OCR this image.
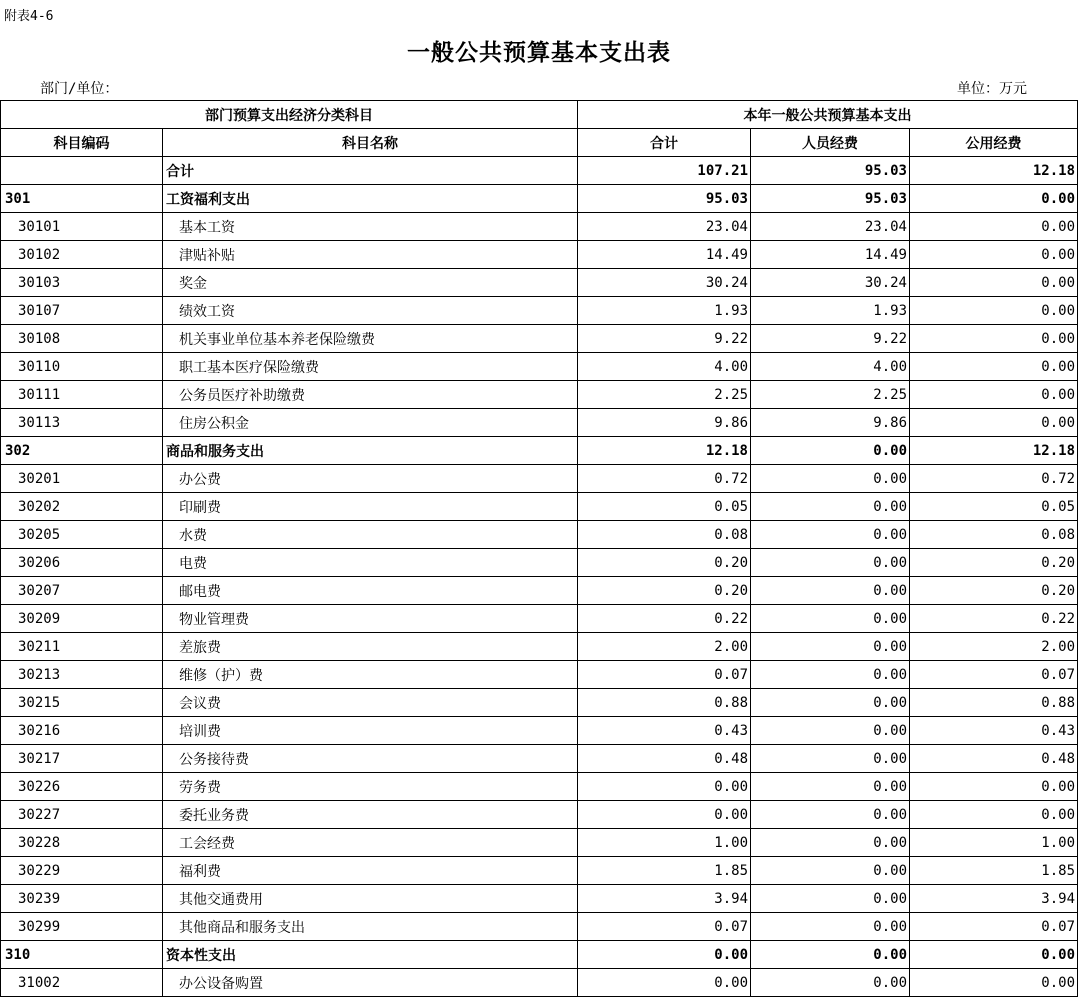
附表4-6
一般公共预算基本支出表
部门/单位：	单位：万元
部门预算支出经济分类科目		本年一般公共预算基本支出		
科目编码	科目名称	合计	人员经费	公用经费
	合计	107.21	95.03	12.18
301	工资福利支出	95.03	95.03	0.00
30101	基本工资	23.04	23.04	0.00
30102	津贴补贴	14.49	14.49	0.00
30103	奖金	30.24	30.24	0.00
30107	绩效工资	1.93	1.93	0.00
30108	机关事业单位基本养老保险缴费	9.22	9.22	0.00
30110	职工基本医疗保险缴费	4.00	4.00	0.00
30111	公务员医疗补助缴费	2.25	2.25	0.00
30113	住房公积金	9.86	9.86	0.00
302	商品和服务支出	12.18	0.00	12.18
30201	办公费	0.72	0.00	0.72
30202	印刷费	0.05	0.00	0.05
30205	水费	0.08	0.00	0.08
30206	电费	0.20	0.00	0.20
30207	邮电费	0.20	0.00	0.20
30209	物业管理费	0.22	0.00	0.22
30211	差旅费	2.00	0.00	2.00
30213	维修（护）费	0.07	0.00	0.07
30215	会议费	0.88	0.00	0.88
30216	培训费	0.43	0.00	0.43
30217	公务接待费	0.48	0.00	0.48
30226	劳务费	0.00	0.00	0.00
30227	委托业务费	0.00	0.00	0.00
30228	工会经费	1.00	0.00	1.00
30229	福利费	1.85	0.00	1.85
30239	其他交通费用	3.94	0.00	3.94
30299	其他商品和服务支出	0.07	0.00	0.07
310	资本性支出	0.00	0.00	0.00
31002	办公设备购置	0.00	0.00	0.00
